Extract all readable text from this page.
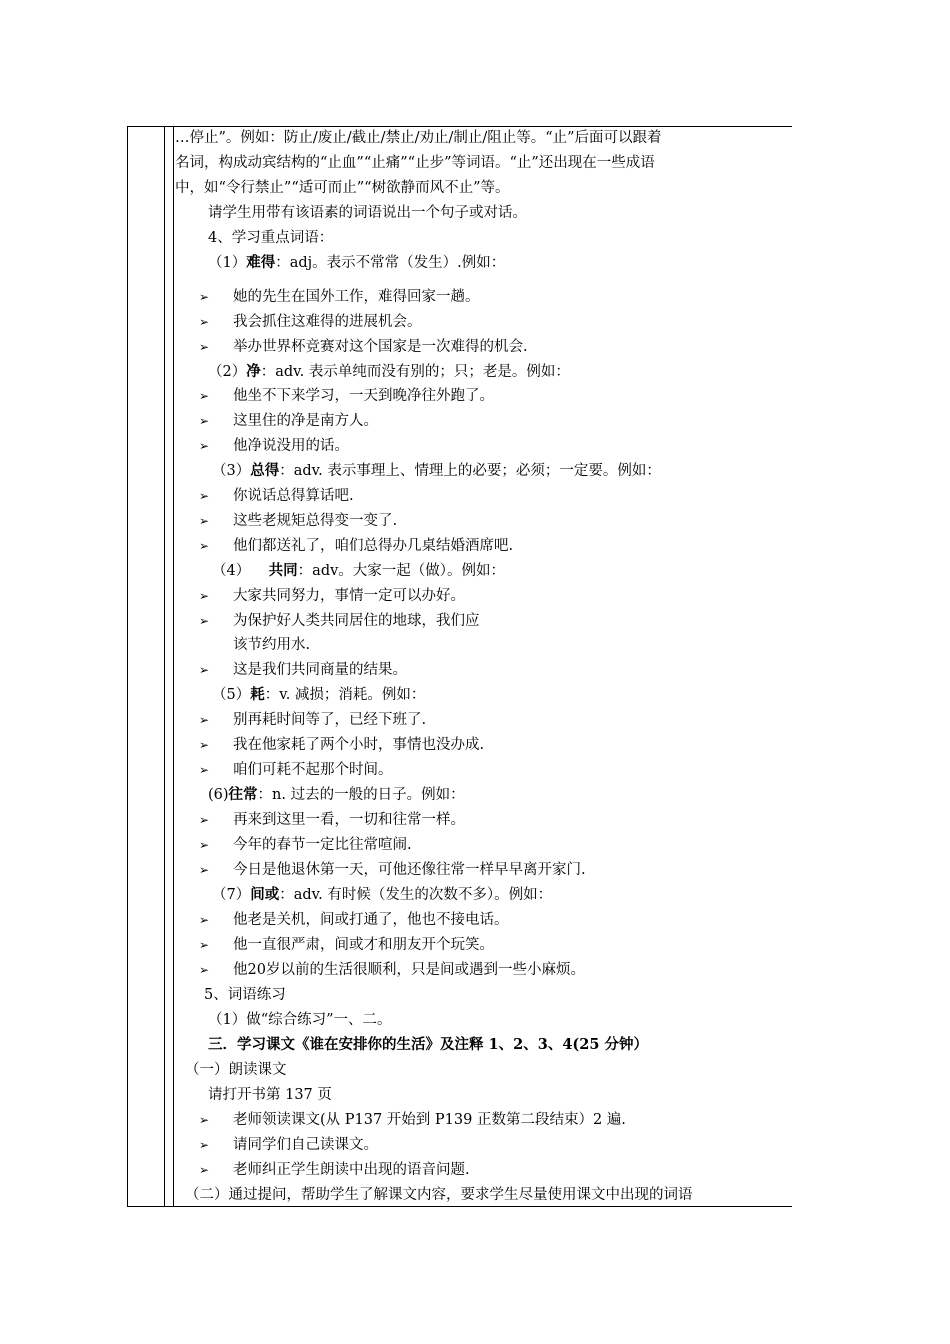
…停止”。例如：防止/废止/截止/禁止/劝止/制止/阻止等。“止”后面可以跟着
名词，构成动宾结构的“止血”“止痛”“止步”等词语。“止”还出现在一些成语
中，如“令行禁止”“适可而止”“树欲静而风不止”等。
请学生用带有该语素的词语说出一个句子或对话。
4、学习重点词语：
（1）难得：adj。表示不常常（发生）.例如：
➢ 她的先生在国外工作，难得回家一趟。
➢ 我会抓住这难得的进展机会。
➢ 举办世界杯竞赛对这个国家是一次难得的机会.
（2）净：adv. 表示单纯而没有别的；只；老是。例如：
➢ 他坐不下来学习，一天到晚净往外跑了。
➢ 这里住的净是南方人。
➢ 他净说没用的话。
（3）总得：adv. 表示事理上、情理上的必要；必须；一定要。例如：
➢ 你说话总得算话吧.
➢ 这些老规矩总得变一变了.
➢ 他们都送礼了，咱们总得办几桌结婚酒席吧.
（4） 共同：adv。大家一起（做）。例如：
➢ 大家共同努力，事情一定可以办好。
➢ 为保护好人类共同居住的地球，我们应
该节约用水.
➢ 这是我们共同商量的结果。
（5）耗：v. 减损；消耗。例如：
➢ 别再耗时间等了，已经下班了.
➢ 我在他家耗了两个小时，事情也没办成.
➢ 咱们可耗不起那个时间。
(6)往常：n. 过去的一般的日子。例如：
➢ 再来到这里一看，一切和往常一样。
➢ 今年的春节一定比往常喧闹.
➢ 今日是他退休第一天，可他还像往常一样早早离开家门.
（7）间或：adv. 有时候（发生的次数不多）。例如：
➢ 他老是关机，间或打通了，他也不接电话。
➢ 他一直很严肃，间或才和朋友开个玩笑。
➢ 他20岁以前的生活很顺利，只是间或遇到一些小麻烦。
5、词语练习
（1）做“综合练习”一、二。
三．学习课文《谁在安排你的生活》及注释 1、2、3、4(25 分钟）
（一）朗读课文
请打开书第 137 页
➢ 老师领读课文(从 P137 开始到 P139 正数第二段结束）2 遍.
➢ 请同学们自己读课文。
➢ 老师纠正学生朗读中出现的语音问题.
（二）通过提问，帮助学生了解课文内容，要求学生尽量使用课文中出现的词语
